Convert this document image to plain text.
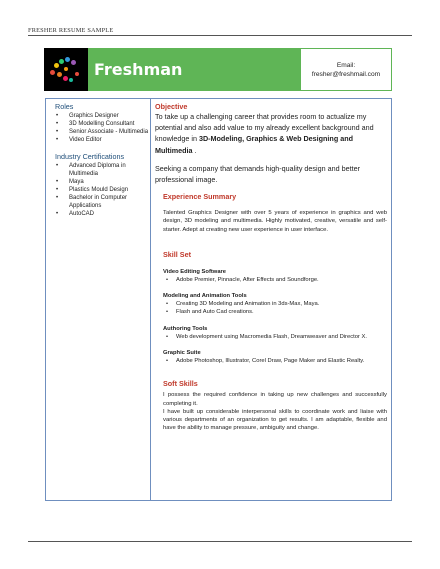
FRESHER RESUME SAMPLE
Freshman	Email:
fresher@freshmail.com
Roles
• Graphics Designer
• 3D Modelling Consultant
• Senior Associate - Multimedia
• Video Editor
Industry Certifications
• Advanced Diploma in Multimedia
• Maya
• Plastics Mould Design
• Bachelor in Computer Applications
• AutoCAD
Objective

To take up a challenging career that provides room to actualize my potential and also add value to my already excellent background and knowledge in 3D-Modeling, Graphics & Web Designing and Multimedia .

Seeking a company that demands high-quality design and better professional image.

Experience Summary
Talented Graphics Designer with over 5 years of experience in graphics and web design, 3D modeling and multimedia. Highly motivated, creative, versatile and self-starter. Adept at creating new user experience in user interface.
Skill Set
Video Editing Software
• Adobe Premier, Pinnacle, After Effects and Soundforge.
Modeling and Animation Tools
• Creating 3D Modeling and Animation in 3ds-Max, Maya.
• Flash and Auto Cad creations.
Authoring Tools
• Web development using Macromedia Flash, Dreamweaver and Director X.
Graphic Suite
• Adobe Photoshop, Illustrator, Corel Draw, Page Maker and Elastic Realty.
Soft Skills

I possess the required confidence in taking up new challenges and successfully completing it.

I have built up considerable interpersonal skills to coordinate work and liaise with various departments of an organization to get results. I am adaptable, flexible and have the ability to manage pressure, ambiguity and change.
